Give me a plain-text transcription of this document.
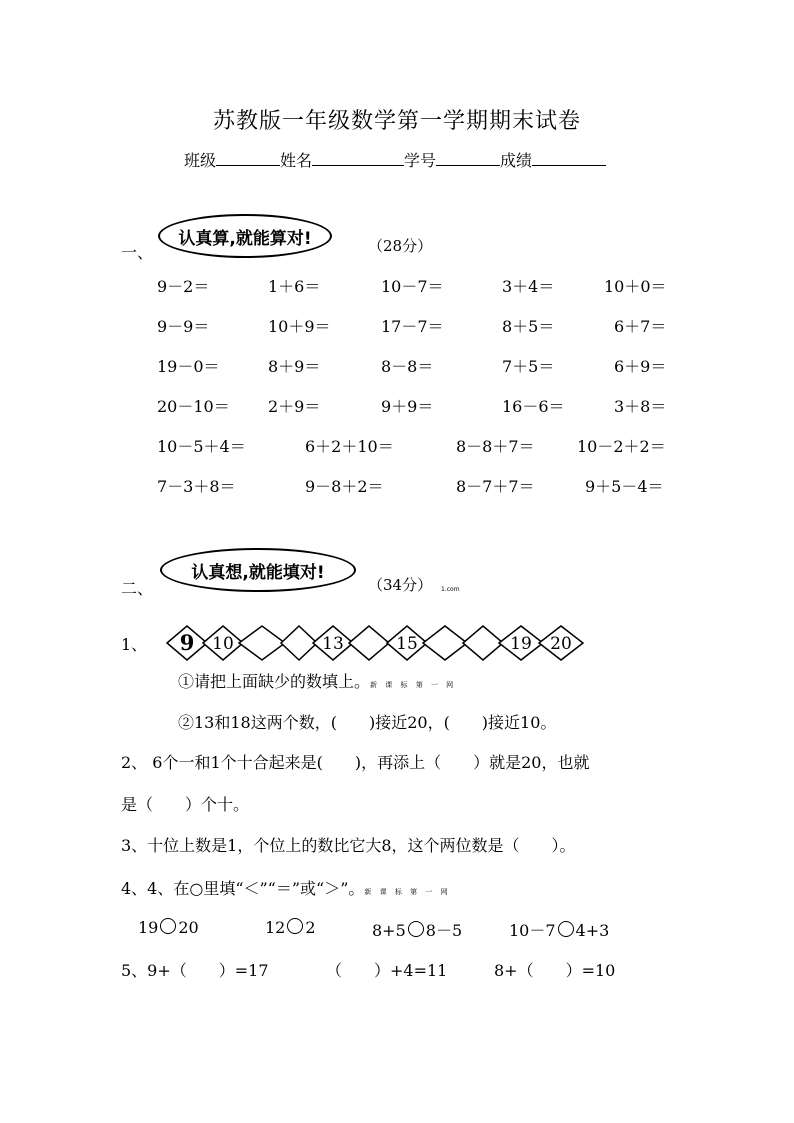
苏教版一年级数学第一学期期末试卷
班级	姓名	学号	成绩
一、
认真算,就能算对!	（28分）
9－2＝	1＋6＝	10－7＝	3＋4＝	10＋0＝
9－9＝	10＋9＝	17－7＝	8＋5＝	6＋7＝
19－0＝	8＋9＝	8－8＝	7＋5＝	6＋9＝
20－10＝ 2＋9＝	9＋9＝	16－6＝	3＋8＝
10－5＋4＝	6＋2＋10＝	8－8＋7＝	10－2＋2＝
7－3＋8＝	9－8＋2＝	8－7＋7＝	9＋5－4＝
二、
认真想,就能填对!
（34分） 1.com
1、 9 10	13	15	19 20
①请把上面缺少的数填上。新 课 标 第 一 网
②13和18这两个数，(　　)接近20，(　　)接近10。
2、 6个一和1个十合起来是(　　)，再添上（　　）就是20，也就
是（　　）个十。
3、十位上数是1，个位上的数比它大8，这个两位数是（　　）。
4、4、在○里填“＜”“＝”或“＞”。新 课 标 第 一 网
19 20	12 2	8+5 8－5	10－7 4+3
5、9+（　　）=17	（　　）+4=11	8+（　　）=10
